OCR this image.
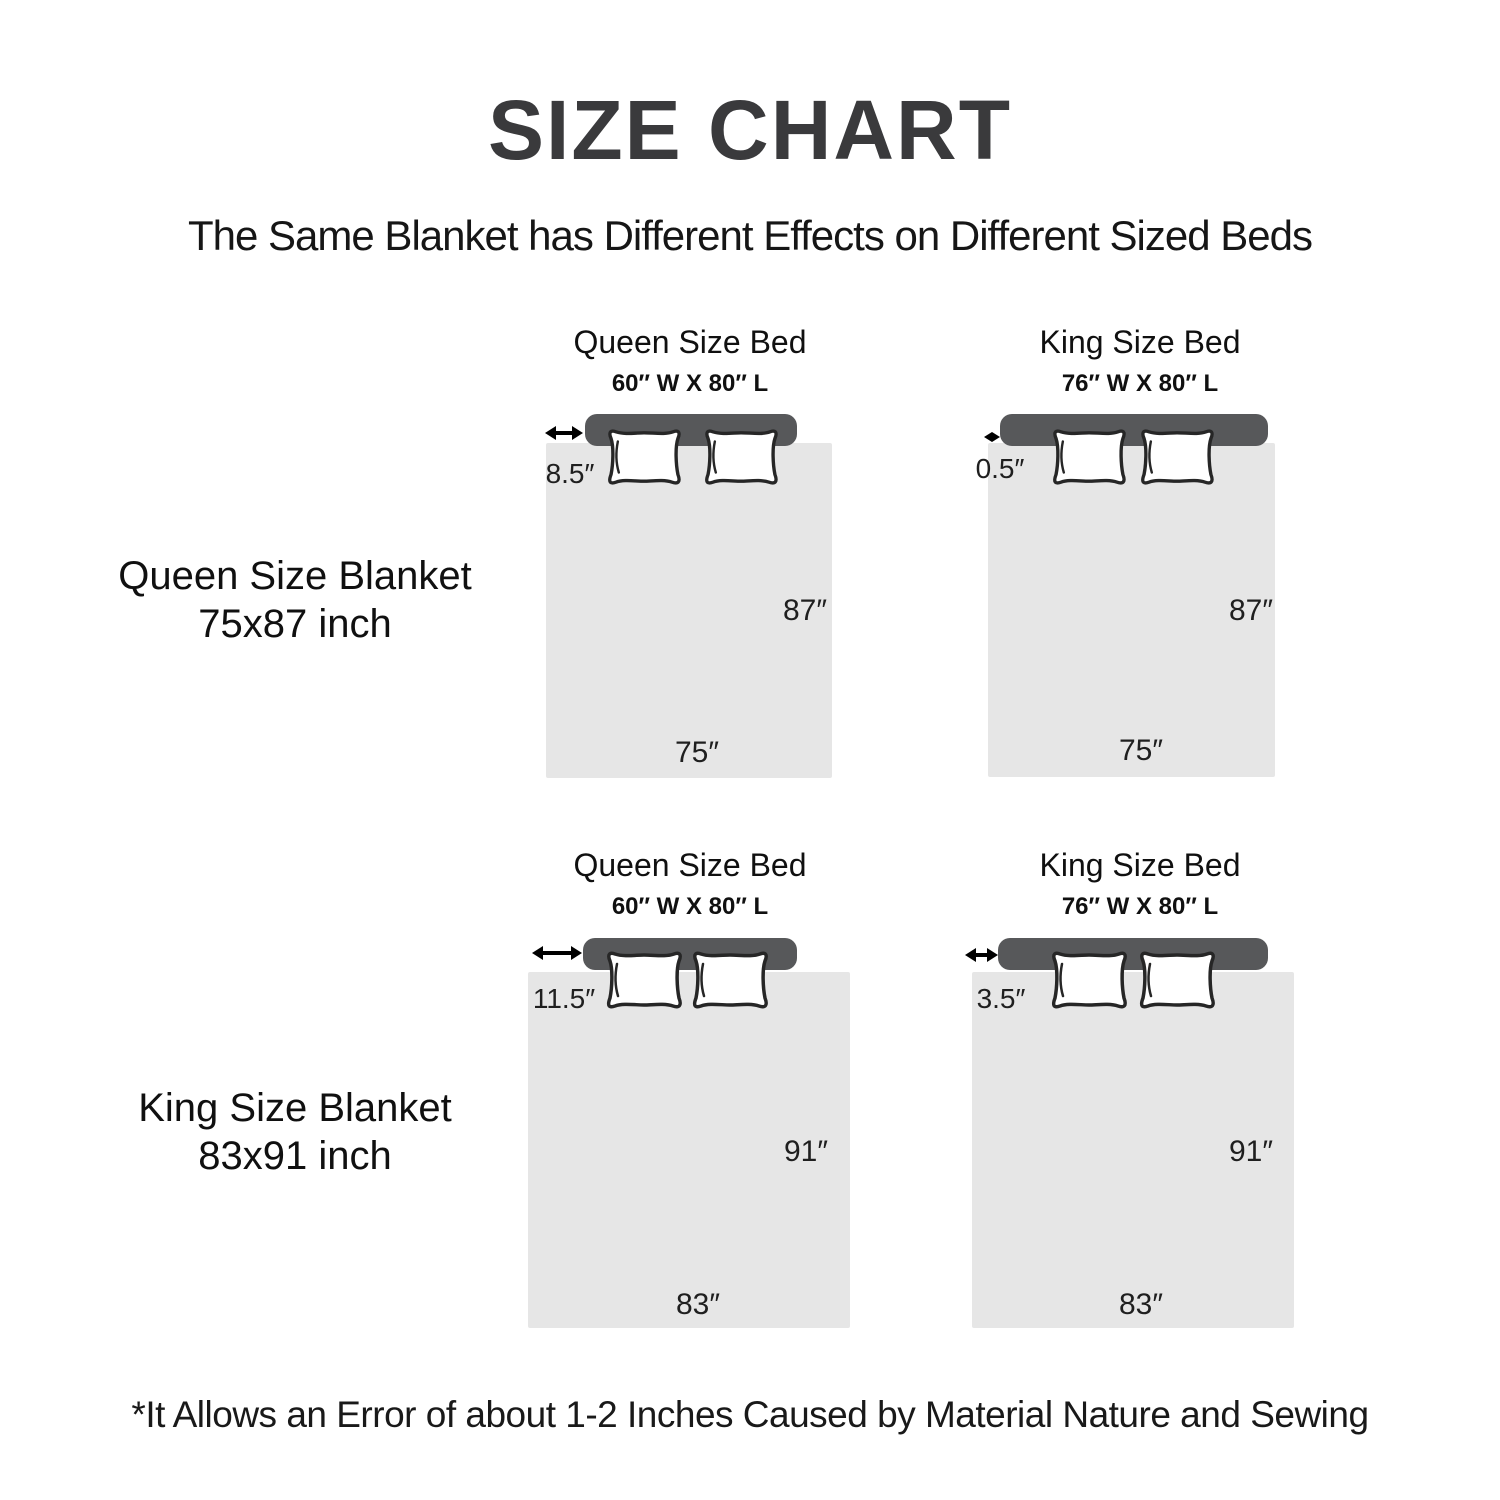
SIZE CHART
The Same Blanket has Different Effects on Different Sized Beds
Queen Size Blanket
75x87 inch
King Size Blanket
83x91 inch
Queen Size Bed
60″ W X 80″ L
8.5″
87″
75″
King Size Bed
76″ W X 80″ L
0.5″
87″
75″
Queen Size Bed
60″ W X 80″ L
11.5″
91″
83″
King Size Bed
76″ W X 80″ L
3.5″
91″
83″
*It Allows an Error of about 1-2 Inches Caused by Material Nature and Sewing
